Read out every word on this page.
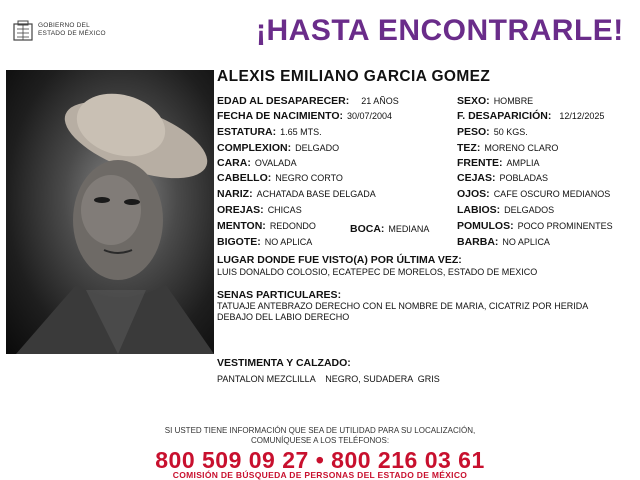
GOBIERNO DEL
ESTADO DE MÉXICO	¡HASTA ENCONTRARLE!
ALEXIS EMILIANO GARCIA GOMEZ
EDAD AL DESAPARECER: 21 AÑOS
FECHA DE NACIMIENTO: 30/07/2004
ESTATURA: 1.65 MTS.
COMPLEXION: DELGADO
CARA: OVALADA
CABELLO: NEGRO CORTO
NARIZ: ACHATADA BASE DELGADA
OREJAS: CHICAS
MENTON: REDONDO	BOCA: MEDIANA
BIGOTE: NO APLICA
SEXO: HOMBRE
F. DESAPARICIÓN: 12/12/2025
PESO: 50 KGS.
TEZ: MORENO CLARO
FRENTE: AMPLIA
CEJAS: POBLADAS
OJOS: CAFE OSCURO MEDIANOS
LABIOS: DELGADOS
POMULOS: POCO PROMINENTES
BARBA: NO APLICA
LUGAR DONDE FUE VISTO(A) POR ÚLTIMA VEZ:
LUIS DONALDO COLOSIO, ECATEPEC DE MORELOS, ESTADO DE MEXICO
SENAS PARTICULARES:
TATUAJE ANTEBRAZO DERECHO CON EL NOMBRE DE MARIA, CICATRIZ POR HERIDA
DEBAJO DEL LABIO DERECHO
VESTIMENTA Y CALZADO:
PANTALON MEZCLILLA    NEGRO, SUDADERA  GRIS
SI USTED TIENE INFORMACIÓN QUE SEA DE UTILIDAD PARA SU LOCALIZACIÓN,
COMUNÍQUESE A LOS TELÉFONOS:
800 509 09 27 • 800 216 03 61
COMISIÓN DE BÚSQUEDA DE PERSONAS DEL ESTADO DE MÉXICO
